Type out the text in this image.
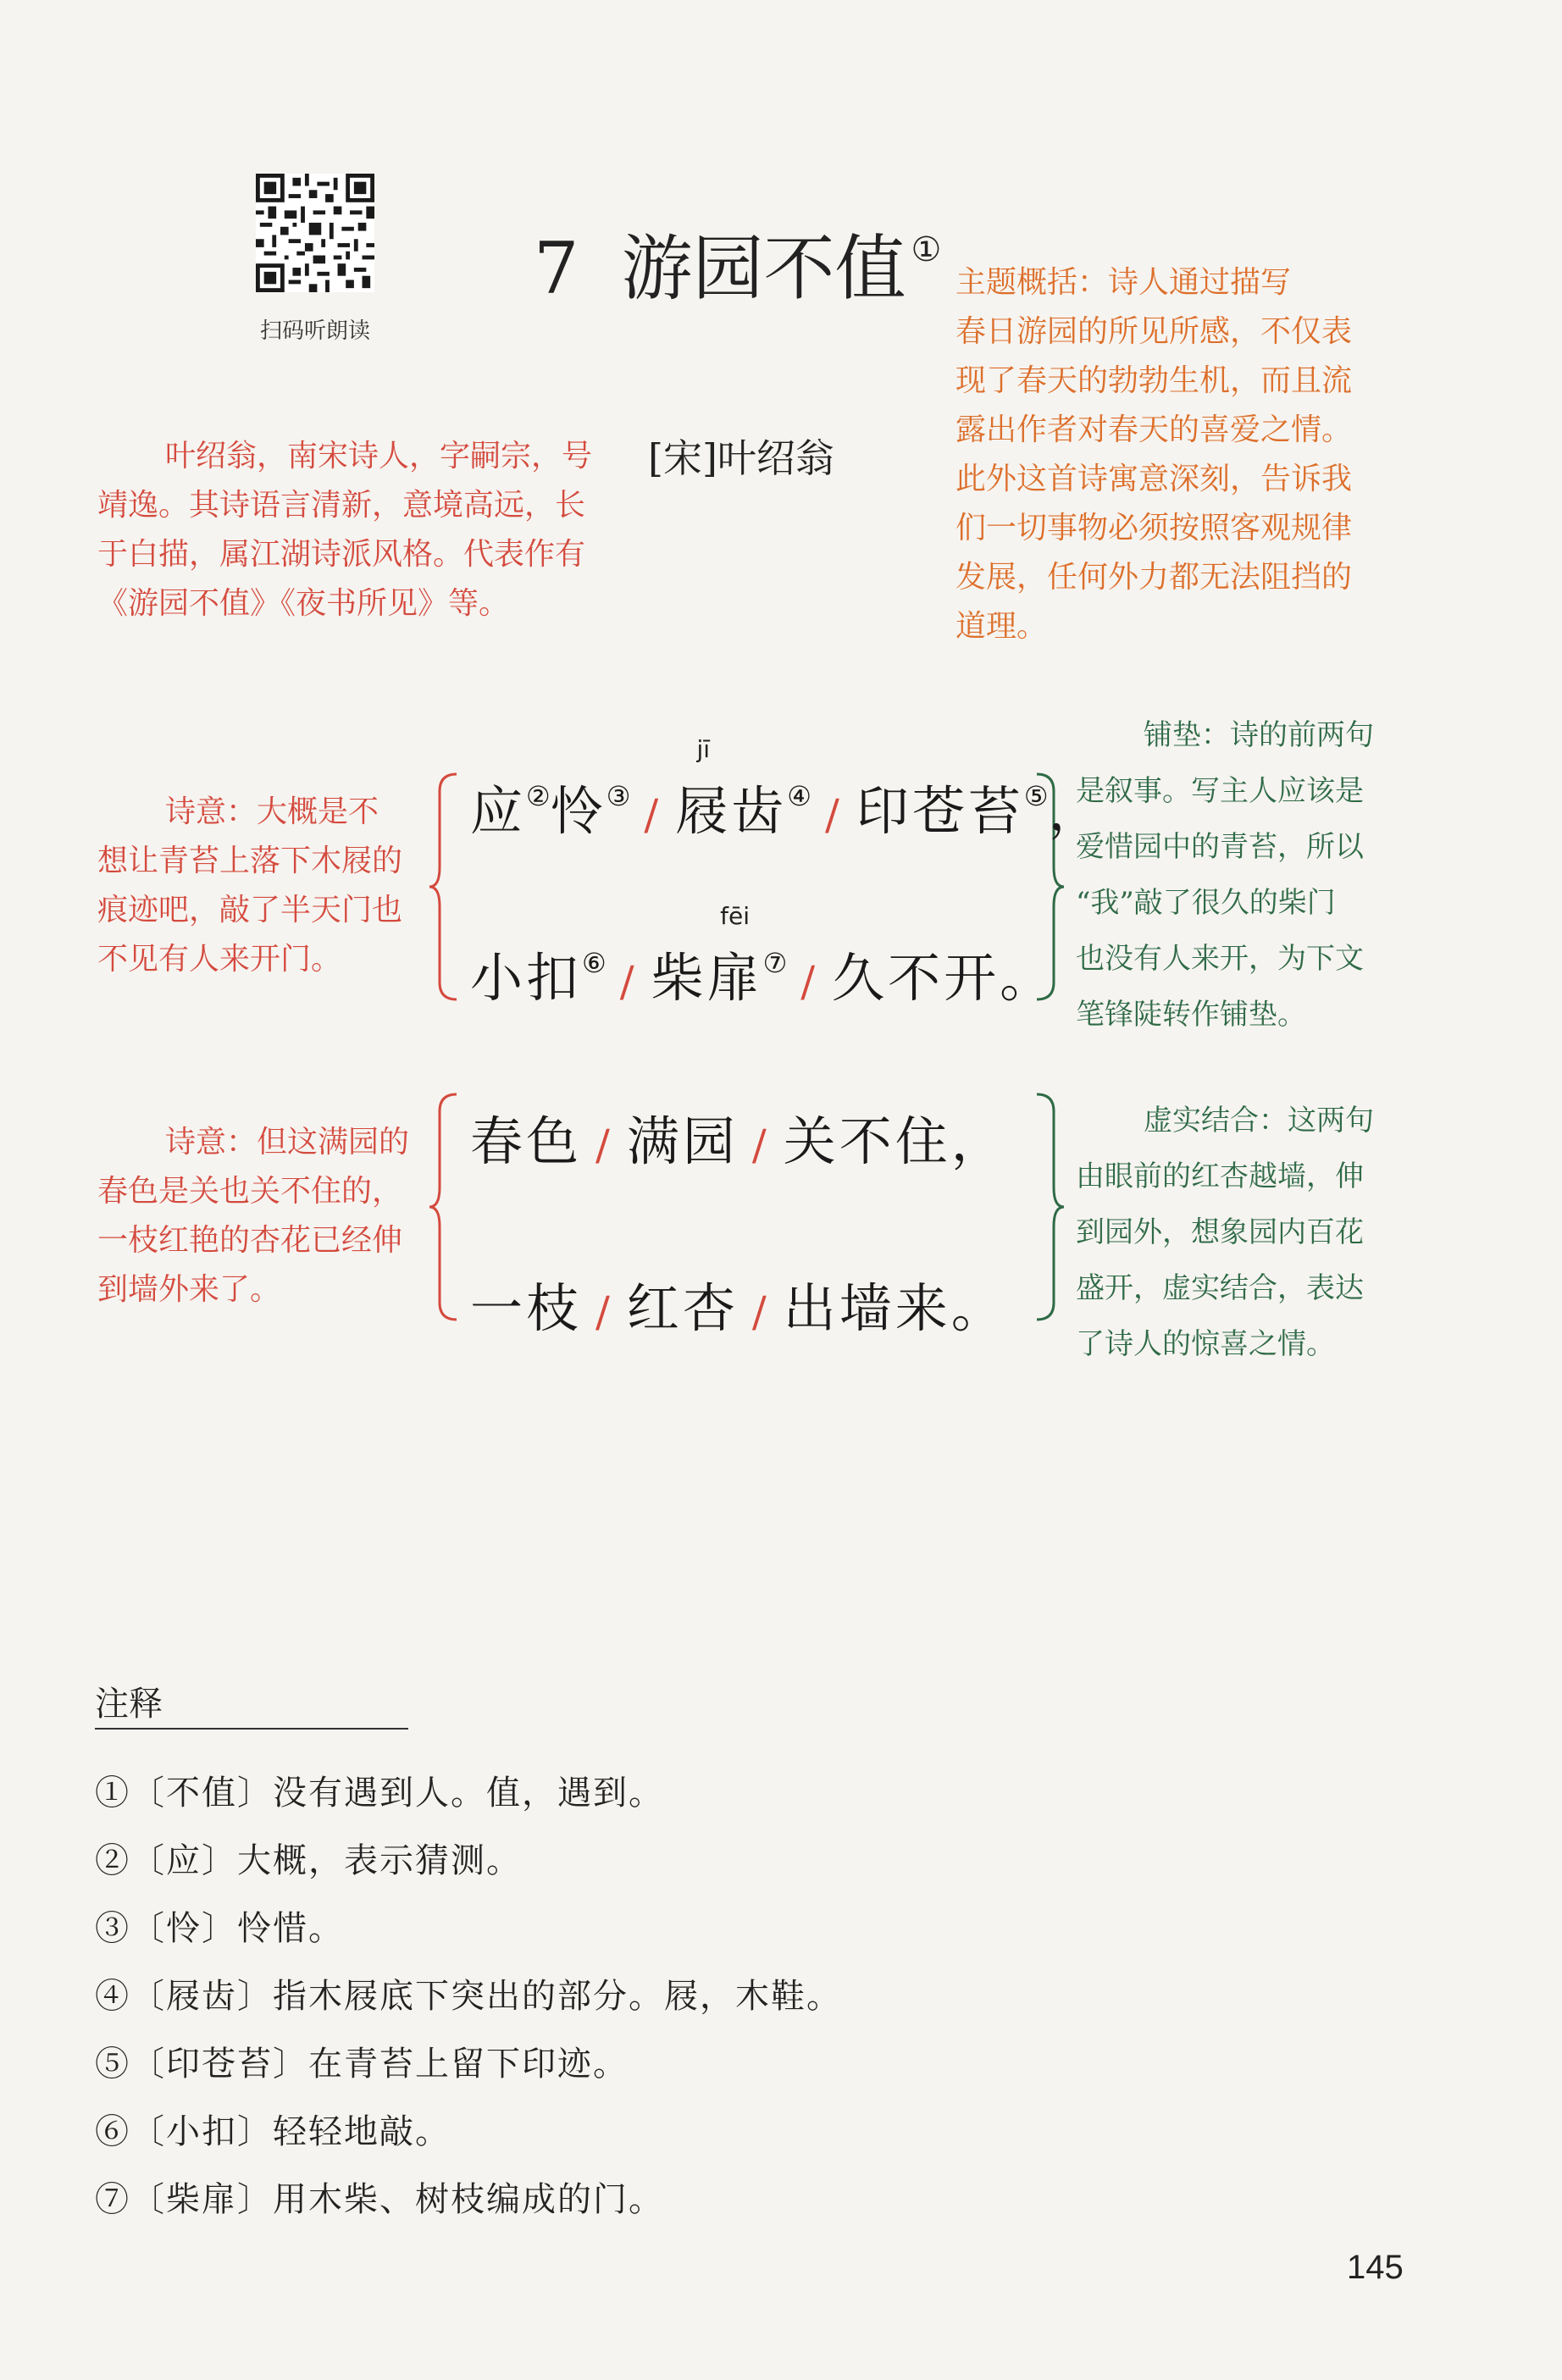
扫码听朗读
7 游园不值 ①
主题概括：诗人通过描写
春日游园的所见所感，不仅表
现了春天的勃勃生机，而且流
露出作者对春天的喜爱之情。
此外这首诗寓意深刻，告诉我
们一切事物必须按照客观规律
发展，任何外力都无法阻挡的
道理。
[宋]叶绍翁
叶绍翁，南宋诗人，字嗣宗，号
靖逸。其诗语言清新，意境高远，长
于白描，属江湖诗派风格。代表作有
《游园不值》《夜书所见》等。
诗意：大概是不
想让青苔上落下木屐的
痕迹吧，敲了半天门也
不见有人来开门。
诗意：但这满园的
春色是关也关不住的，
一枝红艳的杏花已经伸
到墙外来了。
铺垫：诗的前两句
是叙事。写主人应该是
爱惜园中的青苔，所以
“我”敲了很久的柴门
也没有人来开，为下文
笔锋陡转作铺垫。
虚实结合：这两句
由眼前的红杏越墙，伸
到园外，想象园内百花
盛开，虚实结合，表达
了诗人的惊喜之情。
应②怜③ /
jī
屐齿④ / 印苍苔⑤，
小扣⑥ / 柴
fēi
扉⑦ / 久不开。
春色 / 满园 / 关不住，
一枝 / 红杏 / 出墙来。
注释
①〔不值〕没有遇到人。值，遇到。
②〔应〕大概，表示猜测。
③〔怜〕怜惜。
④〔屐齿〕指木屐底下突出的部分。屐，木鞋。
⑤〔印苍苔〕在青苔上留下印迹。
⑥〔小扣〕轻轻地敲。
⑦〔柴扉〕用木柴、树枝编成的门。
145
